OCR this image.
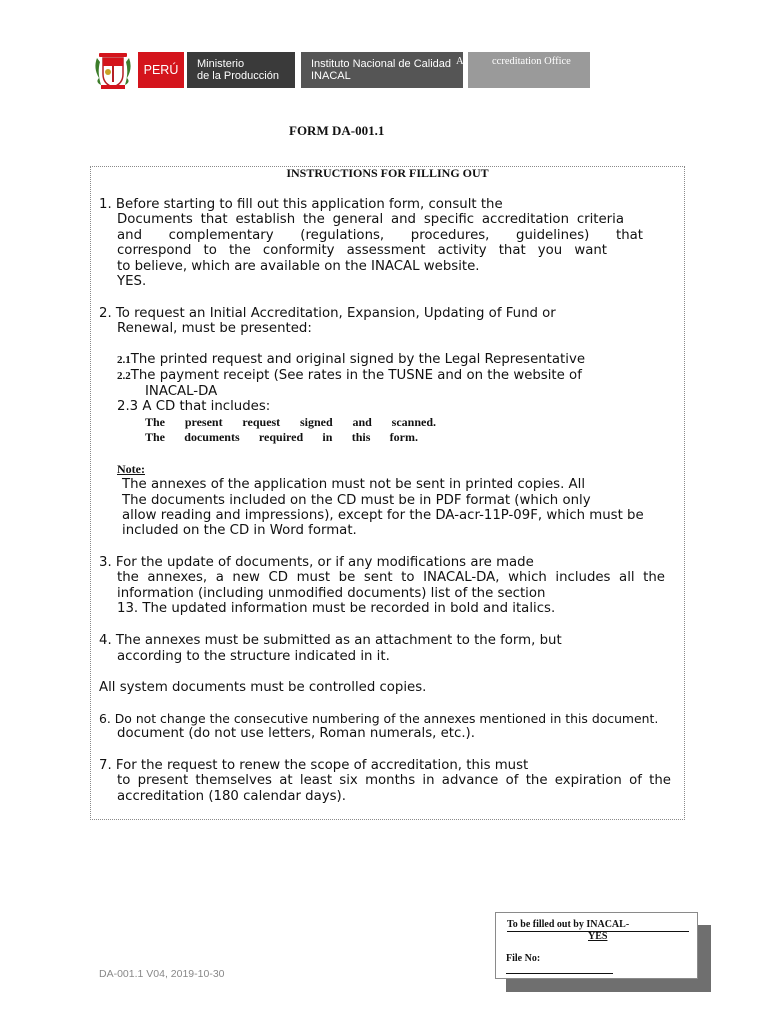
PERÚ Ministerio
de la Producción
Instituto Nacional de Calidad
INACAL
ccreditation Office
A
FORM DA-001.1
INSTRUCTIONS FOR FILLING OUT
1. Before starting to fill out this application form, consult the
Documents that establish the general and specific accreditation criteria
and complementary (regulations, procedures, guidelines) that
correspond to the conformity assessment activity that you want
to believe, which are available on the INACAL website.
YES.
2. To request an Initial Accreditation, Expansion, Updating of Fund or
Renewal, must be presented:
2.1The printed request and original signed by the Legal Representative
2.2The payment receipt (See rates in the TUSNE and on the website of
INACAL-DA
2.3 A CD that includes:
The present request signed and scanned.
The documents required in this form.
Note:
The annexes of the application must not be sent in printed copies. All
The documents included on the CD must be in PDF format (which only
allow reading and impressions), except for the DA-acr-11P-09F, which must be
included on the CD in Word format.
3. For the update of documents, or if any modifications are made
the annexes, a new CD must be sent to INACAL-DA, which includes all the
information (including unmodified documents) list of the section
13. The updated information must be recorded in bold and italics.
4. The annexes must be submitted as an attachment to the form, but
according to the structure indicated in it.
All system documents must be controlled copies.
6. Do not change the consecutive numbering of the annexes mentioned in this document.
document (do not use letters, Roman numerals, etc.).
7. For the request to renew the scope of accreditation, this must
to present themselves at least six months in advance of the expiration of the
accreditation (180 calendar days).
DA-001.1 V04, 2019-10-30
To be filled out by INACAL-
YES
File No:
